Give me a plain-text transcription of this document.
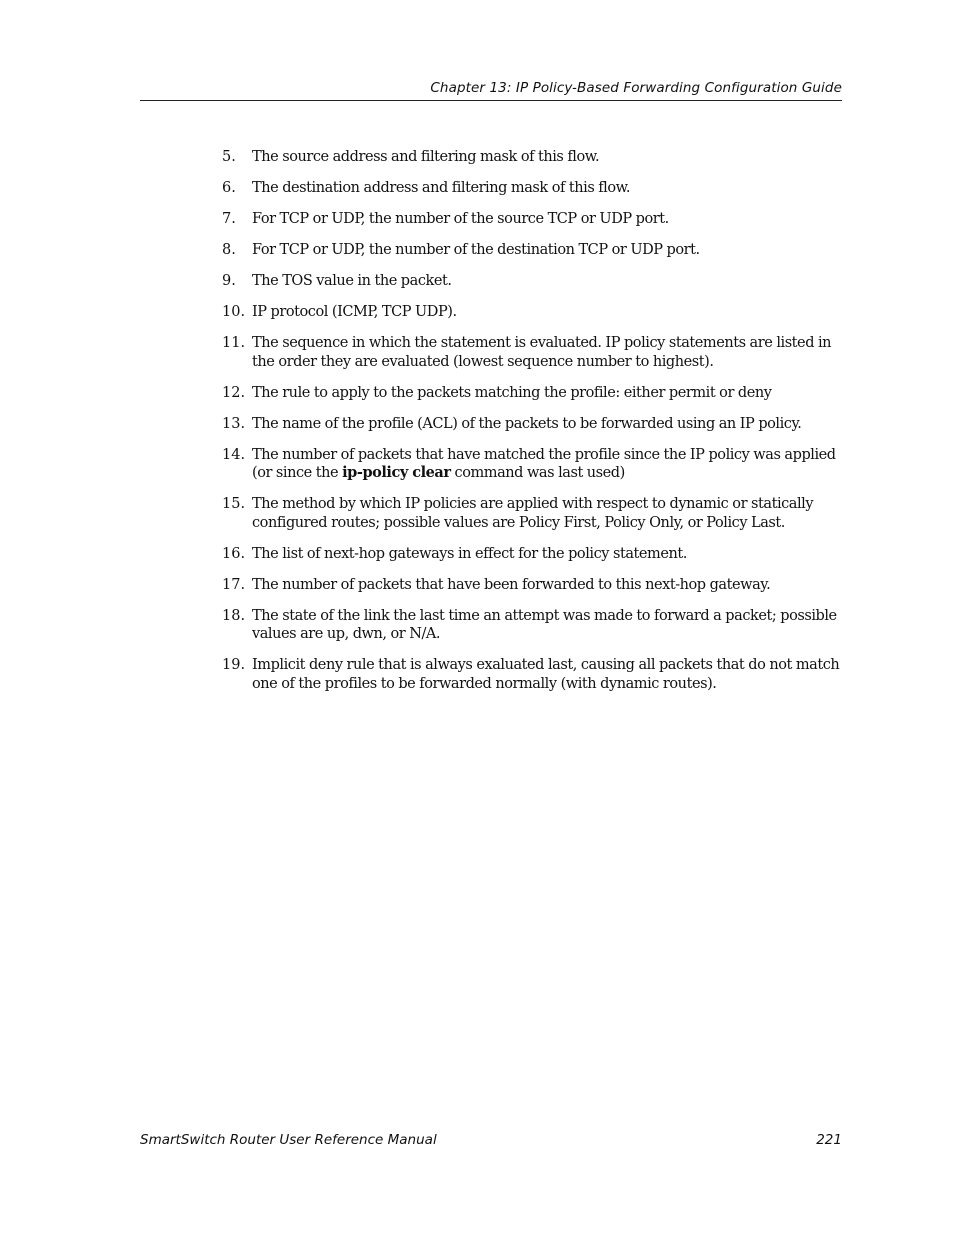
Chapter 13: IP Policy-Based Forwarding Configuration Guide
5.	The source address and filtering mask of this flow.
6.	The destination address and filtering mask of this flow.
7.	For TCP or UDP, the number of the source TCP or UDP port.
8.	For TCP or UDP, the number of the destination TCP or UDP port.
9.	The TOS value in the packet.
10. IP protocol (ICMP, TCP UDP).
11. The sequence in which the statement is evaluated. IP policy statements are listed in the order they are evaluated (lowest sequence number to highest).
12. The rule to apply to the packets matching the profile: either permit or deny
13. The name of the profile (ACL) of the packets to be forwarded using an IP policy.
14. The number of packets that have matched the profile since the IP policy was applied (or since the ip-policy clear command was last used)
15. The method by which IP policies are applied with respect to dynamic or statically configured routes; possible values are Policy First, Policy Only, or Policy Last.
16. The list of next-hop gateways in effect for the policy statement.
17. The number of packets that have been forwarded to this next-hop gateway.
18. The state of the link the last time an attempt was made to forward a packet; possible values are up, dwn, or N/A.
19. Implicit deny rule that is always exaluated last, causing all packets that do not match one of the profiles to be forwarded normally (with dynamic routes).
SmartSwitch Router User Reference Manual	221
